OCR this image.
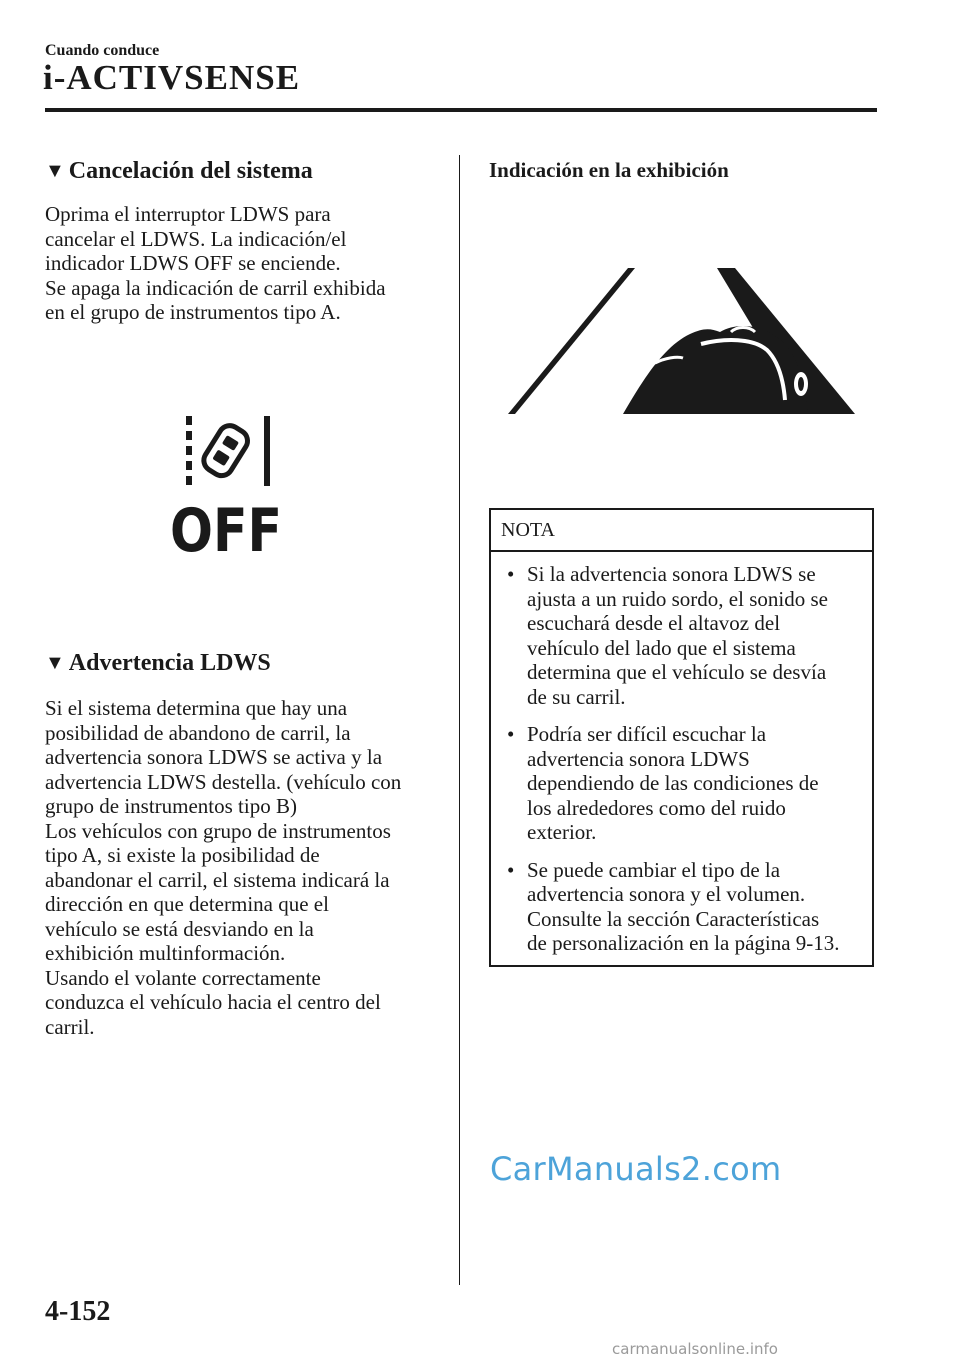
Cuando conduce
i-ACTIVSENSE
▼ Cancelación del sistema

Oprima el interruptor LDWS para

cancelar el LDWS. La indicación/el

indicador LDWS OFF se enciende.

Se apaga la indicación de carril exhibida

en el grupo de instrumentos tipo A.

OFF
▼ Advertencia LDWS

Si el sistema determina que hay una

posibilidad de abandono de carril, la

advertencia sonora LDWS se activa y la

advertencia LDWS destella. (vehículo con

grupo de instrumentos tipo B)

Los vehículos con grupo de instrumentos

tipo A, si existe la posibilidad de

abandonar el carril, el sistema indicará la

dirección en que determina que el

vehículo se está desviando en la

exhibición multinformación.

Usando el volante correctamente

conduzca el vehículo hacia el centro del

carril.

Indicación en la exhibición
NOTA
• Si la advertencia sonora LDWS se
ajusta a un ruido sordo, el sonido se
escuchará desde el altavoz del
vehículo del lado que el sistema
determina que el vehículo se desvía
de su carril.
• Podría ser difícil escuchar la
advertencia sonora LDWS
dependiendo de las condiciones de
los alrededores como del ruido
exterior.
• Se puede cambiar el tipo de la
advertencia sonora y el volumen.
Consulte la sección Características
de personalización en la página 9-13.
CarManuals2.com
4-152
carmanualsonline.info
